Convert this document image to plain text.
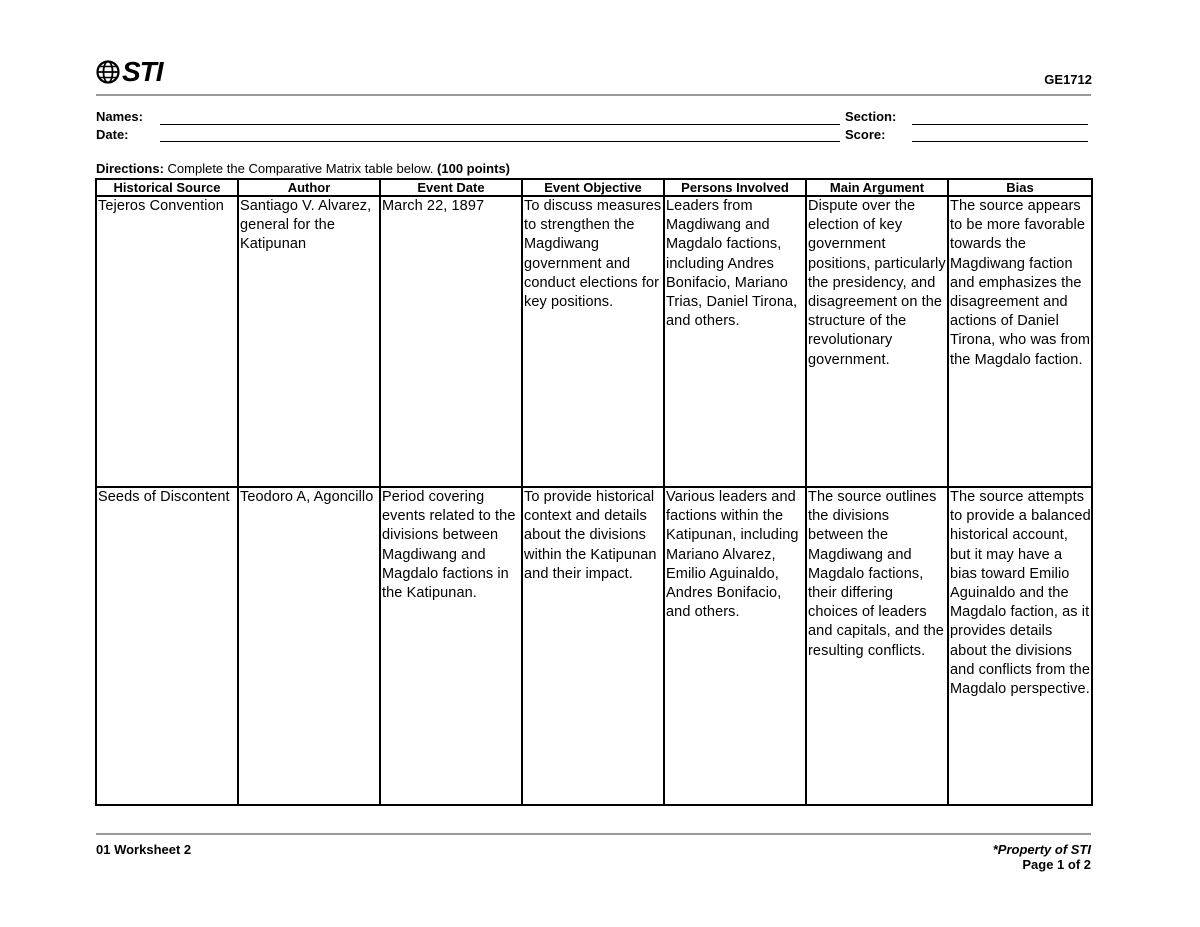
STI	GE1712
Names:	Section:
Date:	Score:
Directions: Complete the Comparative Matrix table below. (100 points)
Historical Source	Author	Event Date	Event Objective	Persons Involved	Main Argument	Bias
Tejeros Convention	Santiago V. Alvarez, general for the Katipunan	March 22, 1897	To discuss measures to strengthen the Magdiwang government and conduct elections for key positions.	Leaders from Magdiwang and Magdalo factions, including Andres Bonifacio, Mariano Trias, Daniel Tirona, and others.	Dispute over the election of key government positions, particularly the presidency, and disagreement on the structure of the revolutionary government.	The source appears to be more favorable towards the Magdiwang faction and emphasizes the disagreement and actions of Daniel Tirona, who was from the Magdalo faction.
Seeds of Discontent	Teodoro A, Agoncillo	Period covering events related to the divisions between Magdiwang and Magdalo factions in the Katipunan.	To provide historical context and details about the divisions within the Katipunan and their impact.	Various leaders and factions within the Katipunan, including Mariano Alvarez, Emilio Aguinaldo, Andres Bonifacio, and others.	The source outlines the divisions between the Magdiwang and Magdalo factions, their differing choices of leaders and capitals, and the resulting conflicts.	The source attempts to provide a balanced historical account, but it may have a bias toward Emilio Aguinaldo and the Magdalo faction, as it provides details about the divisions and conflicts from the Magdalo perspective.
01 Worksheet 2	*Property of STI
Page 1 of 2
